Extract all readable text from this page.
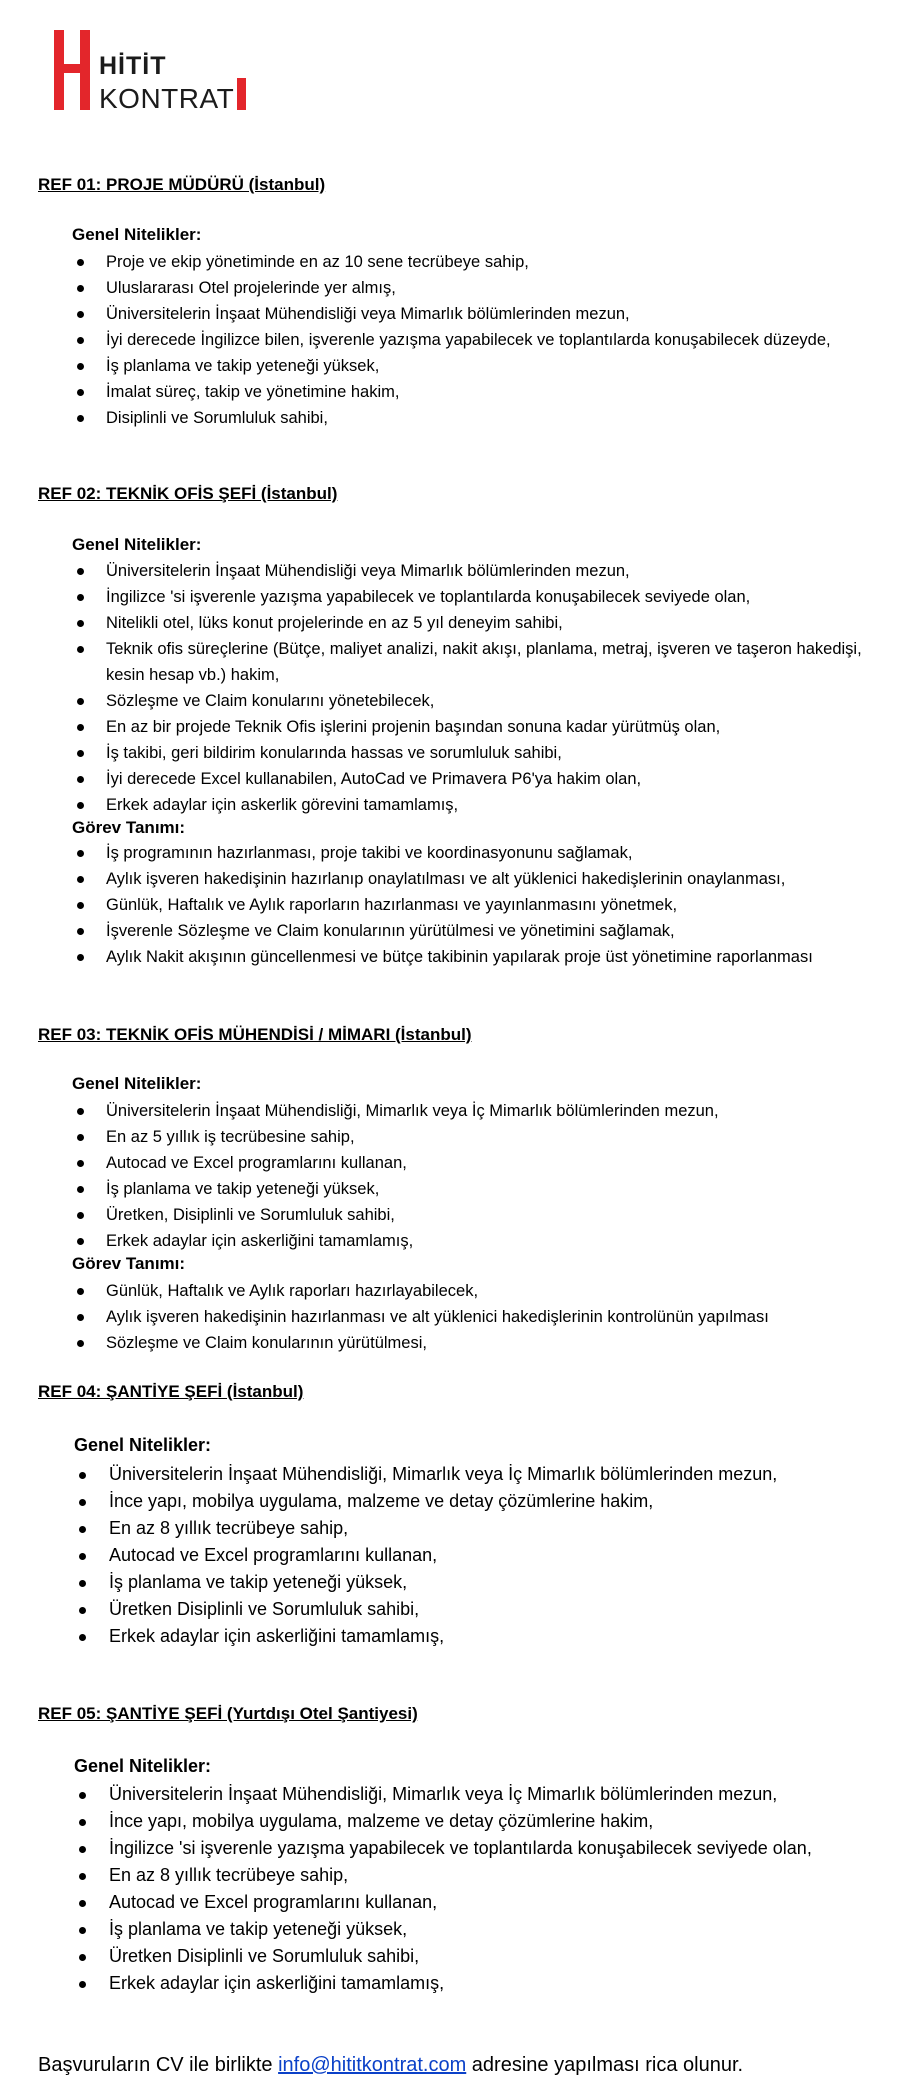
HİTİT
KONTRAT
REF 01: PROJE MÜDÜRÜ (İstanbul)
Genel Nitelikler:
Proje ve ekip yönetiminde en az 10 sene tecrübeye sahip,
Uluslararası Otel projelerinde yer almış,
Üniversitelerin İnşaat Mühendisliği veya Mimarlık bölümlerinden mezun,
İyi derecede İngilizce bilen, işverenle yazışma yapabilecek ve toplantılarda konuşabilecek düzeyde,
İş planlama ve takip yeteneği yüksek,
İmalat süreç, takip ve yönetimine hakim,
Disiplinli ve Sorumluluk sahibi,
REF 02: TEKNİK OFİS ŞEFİ (İstanbul)
Genel Nitelikler:
Üniversitelerin İnşaat Mühendisliği veya Mimarlık bölümlerinden mezun,
İngilizce 'si işverenle yazışma yapabilecek ve toplantılarda konuşabilecek seviyede olan,
Nitelikli otel, lüks konut projelerinde en az 5 yıl deneyim sahibi,
Teknik ofis süreçlerine (Bütçe, maliyet analizi, nakit akışı, planlama, metraj, işveren ve taşeron hakedişi, kesin hesap vb.) hakim,
Sözleşme ve Claim konularını yönetebilecek,
En az bir projede Teknik Ofis işlerini projenin başından sonuna kadar yürütmüş olan,
İş takibi, geri bildirim konularında hassas ve sorumluluk sahibi,
İyi derecede Excel kullanabilen, AutoCad ve Primavera P6'ya hakim olan,
Erkek adaylar için askerlik görevini tamamlamış,
Görev Tanımı:
İş programının hazırlanması, proje takibi ve koordinasyonunu sağlamak,
Aylık işveren hakedişinin hazırlanıp onaylatılması ve alt yüklenici hakedişlerinin onaylanması,
Günlük, Haftalık ve Aylık raporların hazırlanması ve yayınlanmasını yönetmek,
İşverenle Sözleşme ve Claim konularının yürütülmesi ve yönetimini sağlamak,
Aylık Nakit akışının güncellenmesi ve bütçe takibinin yapılarak proje üst yönetimine raporlanması
REF 03: TEKNİK OFİS MÜHENDİSİ / MİMARI (İstanbul)
Genel Nitelikler:
Üniversitelerin İnşaat Mühendisliği, Mimarlık veya İç Mimarlık bölümlerinden mezun,
En az 5 yıllık iş tecrübesine sahip,
Autocad ve Excel programlarını kullanan,
İş planlama ve takip yeteneği yüksek,
Üretken, Disiplinli ve Sorumluluk sahibi,
Erkek adaylar için askerliğini tamamlamış,
Görev Tanımı:
Günlük, Haftalık ve Aylık raporları hazırlayabilecek,
Aylık işveren hakedişinin hazırlanması ve alt yüklenici hakedişlerinin kontrolünün yapılması
Sözleşme ve Claim konularının yürütülmesi,
REF 04: ŞANTİYE ŞEFİ (İstanbul)
Genel Nitelikler:
Üniversitelerin İnşaat Mühendisliği, Mimarlık veya İç Mimarlık bölümlerinden mezun,
İnce yapı, mobilya uygulama, malzeme ve detay çözümlerine hakim,
En az 8 yıllık tecrübeye sahip,
Autocad ve Excel programlarını kullanan,
İş planlama ve takip yeteneği yüksek,
Üretken Disiplinli ve Sorumluluk sahibi,
Erkek adaylar için askerliğini tamamlamış,
REF 05: ŞANTİYE ŞEFİ (Yurtdışı Otel Şantiyesi)
Genel Nitelikler:
Üniversitelerin İnşaat Mühendisliği, Mimarlık veya İç Mimarlık bölümlerinden mezun,
İnce yapı, mobilya uygulama, malzeme ve detay çözümlerine hakim,
İngilizce 'si işverenle yazışma yapabilecek ve toplantılarda konuşabilecek seviyede olan,
En az 8 yıllık tecrübeye sahip,
Autocad ve Excel programlarını kullanan,
İş planlama ve takip yeteneği yüksek,
Üretken Disiplinli ve Sorumluluk sahibi,
Erkek adaylar için askerliğini tamamlamış,
Başvuruların CV ile birlikte info@hititkontrat.com adresine yapılması rica olunur.
